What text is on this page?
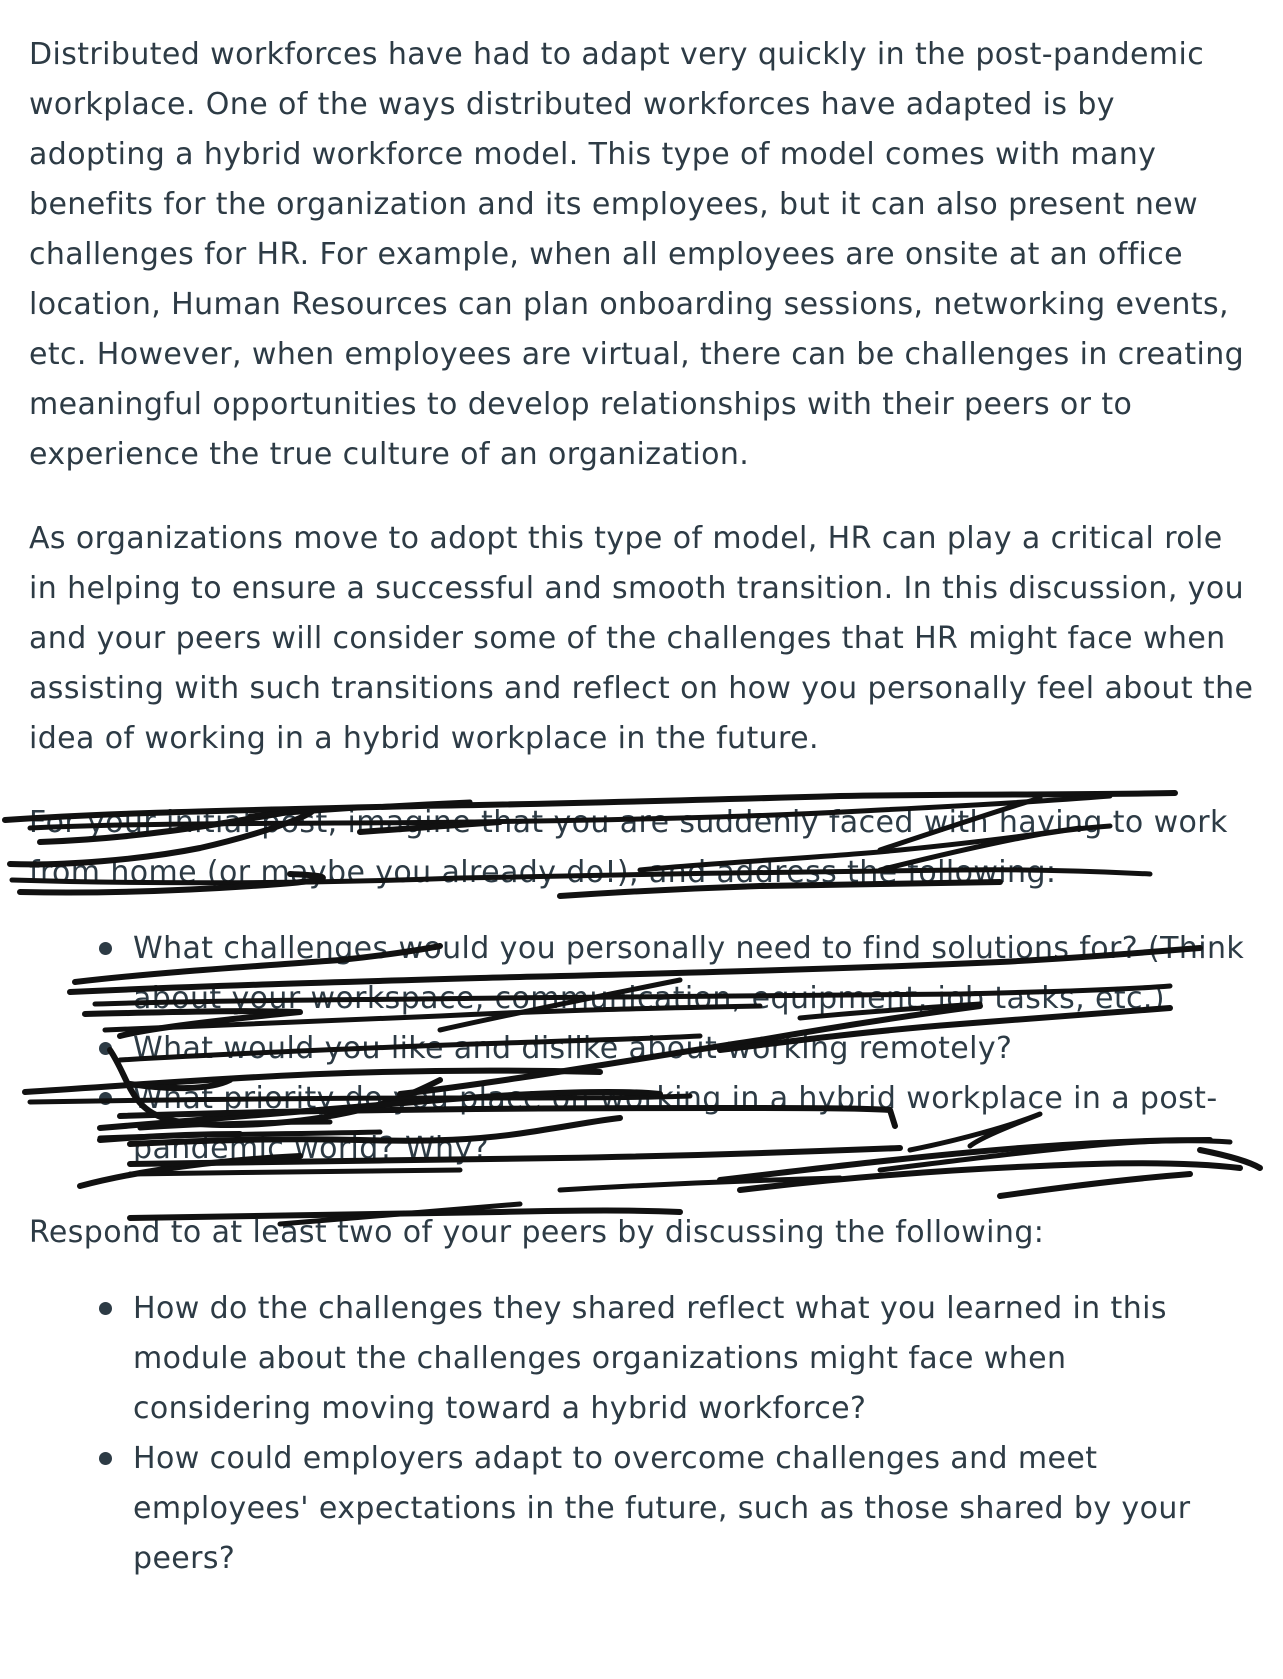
Distributed workforces have had to adapt very quickly in the post-pandemic workplace. One of the ways distributed workforces have adapted is by adopting a hybrid workforce model. This type of model comes with many benefits for the organization and its employees, but it can also present new challenges for HR. For example, when all employees are onsite at an office location, Human Resources can plan onboarding sessions, networking events, etc. However, when employees are virtual, there can be challenges in creating meaningful opportunities to develop relationships with their peers or to experience the true culture of an organization.

As organizations move to adopt this type of model, HR can play a critical role in helping to ensure a successful and smooth transition. In this discussion, you and your peers will consider some of the challenges that HR might face when assisting with such transitions and reflect on how you personally feel about the idea of working in a hybrid workplace in the future.

For your initial post, imagine that you are suddenly faced with having to work from home (or maybe you already do!), and address the following:

What challenges would you personally need to find solutions for? (Think about your workspace, communication, equipment, job tasks, etc.)
What would you like and dislike about working remotely?
What priority do you place on working in a hybrid workplace in a post-pandemic world? Why?

Respond to at least two of your peers by discussing the following:

How do the challenges they shared reflect what you learned in this module about the challenges organizations might face when considering moving toward a hybrid workforce?
How could employers adapt to overcome challenges and meet employees' expectations in the future, such as those shared by your peers?
